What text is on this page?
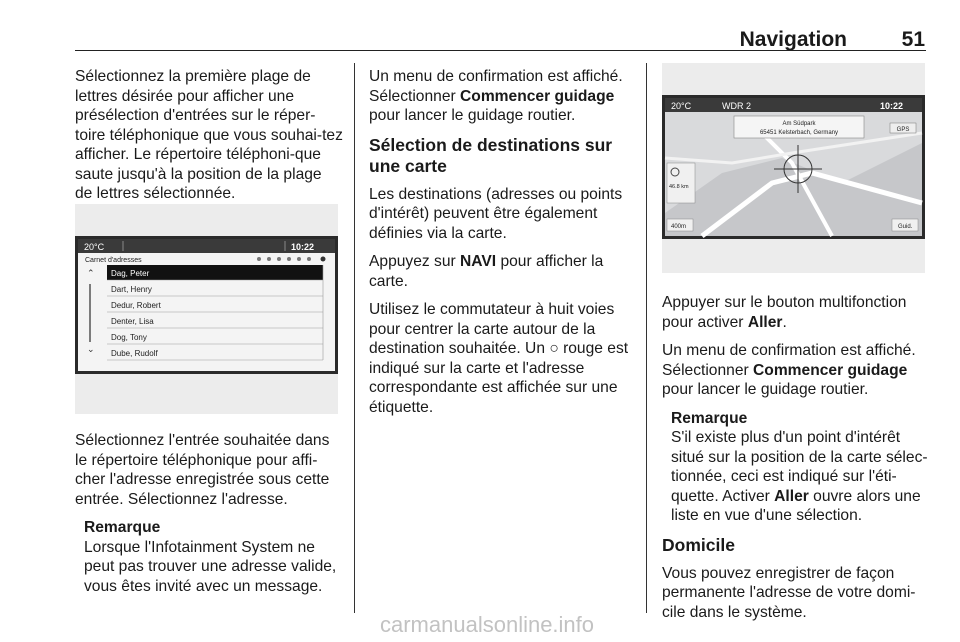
Navigation	51

Sélectionnez la première plage de lettres désirée pour afficher une présélection d'entrées sur le réper-toire téléphonique que vous souhai-tez afficher. Le répertoire téléphoni-que saute jusqu'à la position de la plage de lettres sélectionnée.

20°C	10:22
Carnet d'adresses
⌃
⌄
Dag, Peter
Dart, Henry
Dedur, Robert
Denter, Lisa
Dog, Tony
Dube, Rudolf

Sélectionnez l'entrée souhaitée dans le répertoire téléphonique pour affi-cher l'adresse enregistrée sous cette entrée. Sélectionnez l'adresse.

Remarque
Lorsque l'Infotainment System ne peut pas trouver une adresse valide, vous êtes invité avec un message.

Un menu de confirmation est affiché. Sélectionner Commencer guidage pour lancer le guidage routier.

Sélection de destinations sur une carte

Les destinations (adresses ou points d'intérêt) peuvent être également définies via la carte.

Appuyez sur NAVI pour afficher la carte.

Utilisez le commutateur à huit voies pour centrer la carte autour de la destination souhaitée. Un ○ rouge est indiqué sur la carte et l'adresse correspondante est affichée sur une étiquette.

20°C	WDR 2	10:22
Am Südpark
65451 Kelsterbach, Germany	GPS
46.8 km
400m	Guid.

Appuyer sur le bouton multifonction pour activer Aller.

Un menu de confirmation est affiché. Sélectionner Commencer guidage pour lancer le guidage routier.

Remarque
S'il existe plus d'un point d'intérêt situé sur la position de la carte sélec-tionnée, ceci est indiqué sur l'éti-quette. Activer Aller ouvre alors une liste en vue d'une sélection.
Domicile

Vous pouvez enregistrer de façon permanente l'adresse de votre domi-cile dans le système.

carmanualsonline.info
